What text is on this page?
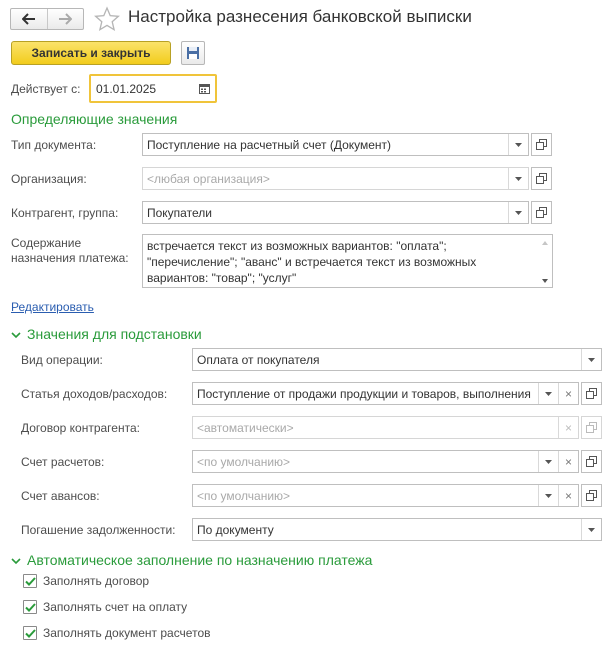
Настройка разнесения банковской выписки
Записать и закрыть
Действует с:	01.01.2025
Определяющие значения
Тип документа:	Поступление на расчетный счет (Документ)
Организация:	<любая организация>
Контрагент, группа:	Покупатели
Содержание
назначения платежа:
встречается текст из возможных вариантов: "оплата";
"перечисление"; "аванс" и встречается текст из возможных
вариантов: "товар"; "услуг"
Редактировать
Значения для подстановки
Вид операции:	Оплата от покупателя
Статья доходов/расходов:	Поступление от продажи продукции и товаров, выполнения	×
Договор контрагента:	<автоматически>	×
Счет расчетов:	<по умолчанию>	×
Счет авансов:	<по умолчанию>	×
Погашение задолженности:	По документу
Автоматическое заполнение по назначению платежа
Заполнять договор
Заполнять счет на оплату
Заполнять документ расчетов
